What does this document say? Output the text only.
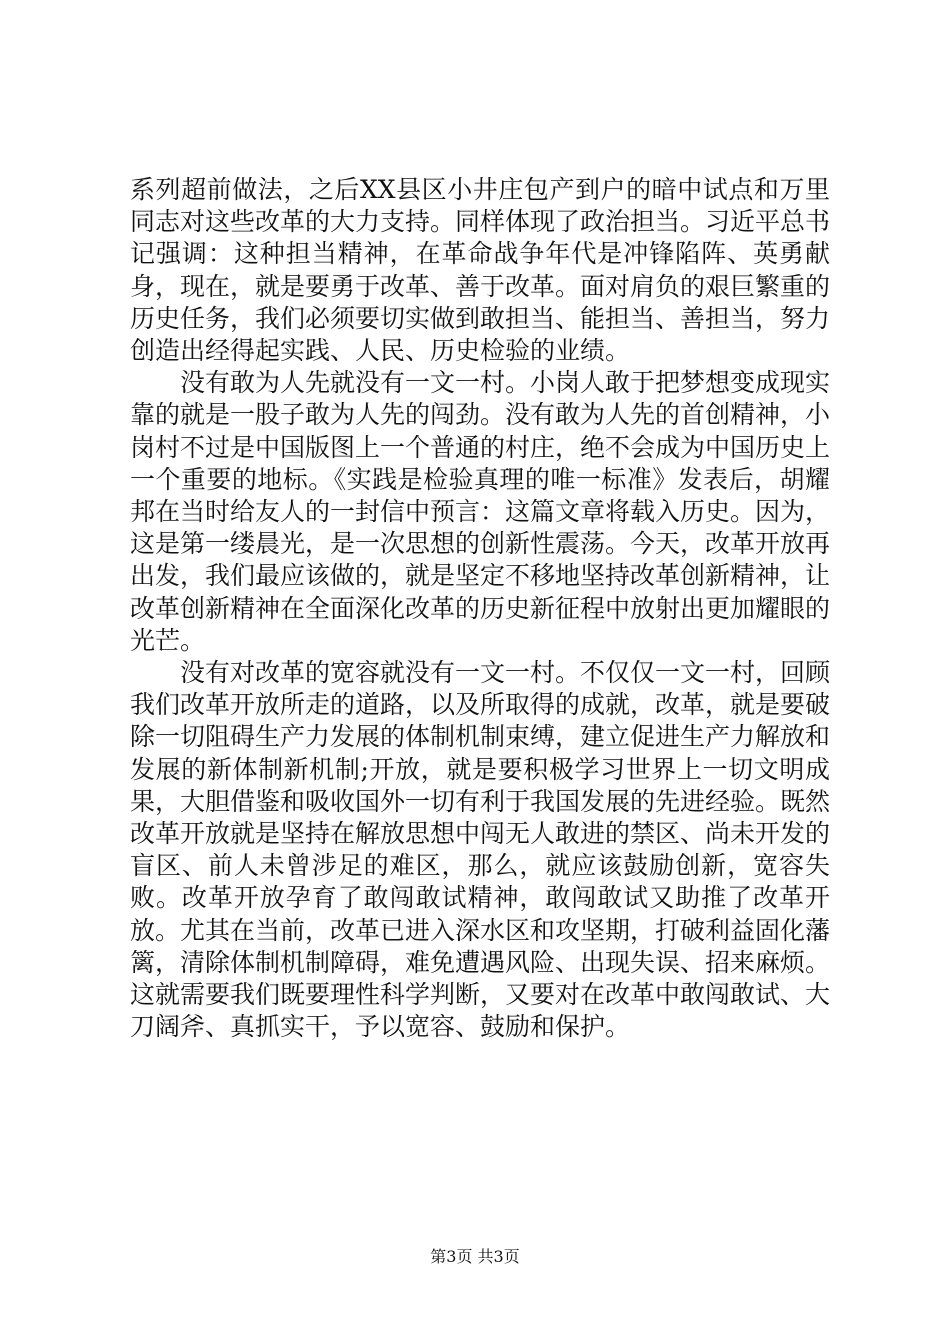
系列超前做法，之后XX县区小井庄包产到户的暗中试点和万里同志对这些改革的大力支持。同样体现了政治担当。习近平总书记强调：这种担当精神，在革命战争年代是冲锋陷阵、英勇献身，现在，就是要勇于改革、善于改革。面对肩负的艰巨繁重的历史任务，我们必须要切实做到敢担当、能担当、善担当，努力创造出经得起实践、人民、历史检验的业绩。

没有敢为人先就没有一文一村。小岗人敢于把梦想变成现实靠的就是一股子敢为人先的闯劲。没有敢为人先的首创精神，小岗村不过是中国版图上一个普通的村庄，绝不会成为中国历史上一个重要的地标。《实践是检验真理的唯一标准》发表后，胡耀邦在当时给友人的一封信中预言：这篇文章将载入历史。因为，这是第一缕晨光，是一次思想的创新性震荡。今天，改革开放再出发，我们最应该做的，就是坚定不移地坚持改革创新精神，让改革创新精神在全面深化改革的历史新征程中放射出更加耀眼的光芒。

没有对改革的宽容就没有一文一村。不仅仅一文一村，回顾我们改革开放所走的道路，以及所取得的成就，改革，就是要破除一切阻碍生产力发展的体制机制束缚，建立促进生产力解放和发展的新体制新机制;开放，就是要积极学习世界上一切文明成果，大胆借鉴和吸收国外一切有利于我国发展的先进经验。既然改革开放就是坚持在解放思想中闯无人敢进的禁区、尚未开发的盲区、前人未曾涉足的难区，那么，就应该鼓励创新，宽容失败。改革开放孕育了敢闯敢试精神，敢闯敢试又助推了改革开放。尤其在当前，改革已进入深水区和攻坚期，打破利益固化藩篱，清除体制机制障碍，难免遭遇风险、出现失误、招来麻烦。这就需要我们既要理性科学判断，又要对在改革中敢闯敢试、大刀阔斧、真抓实干，予以宽容、鼓励和保护。

第3页 共3页
